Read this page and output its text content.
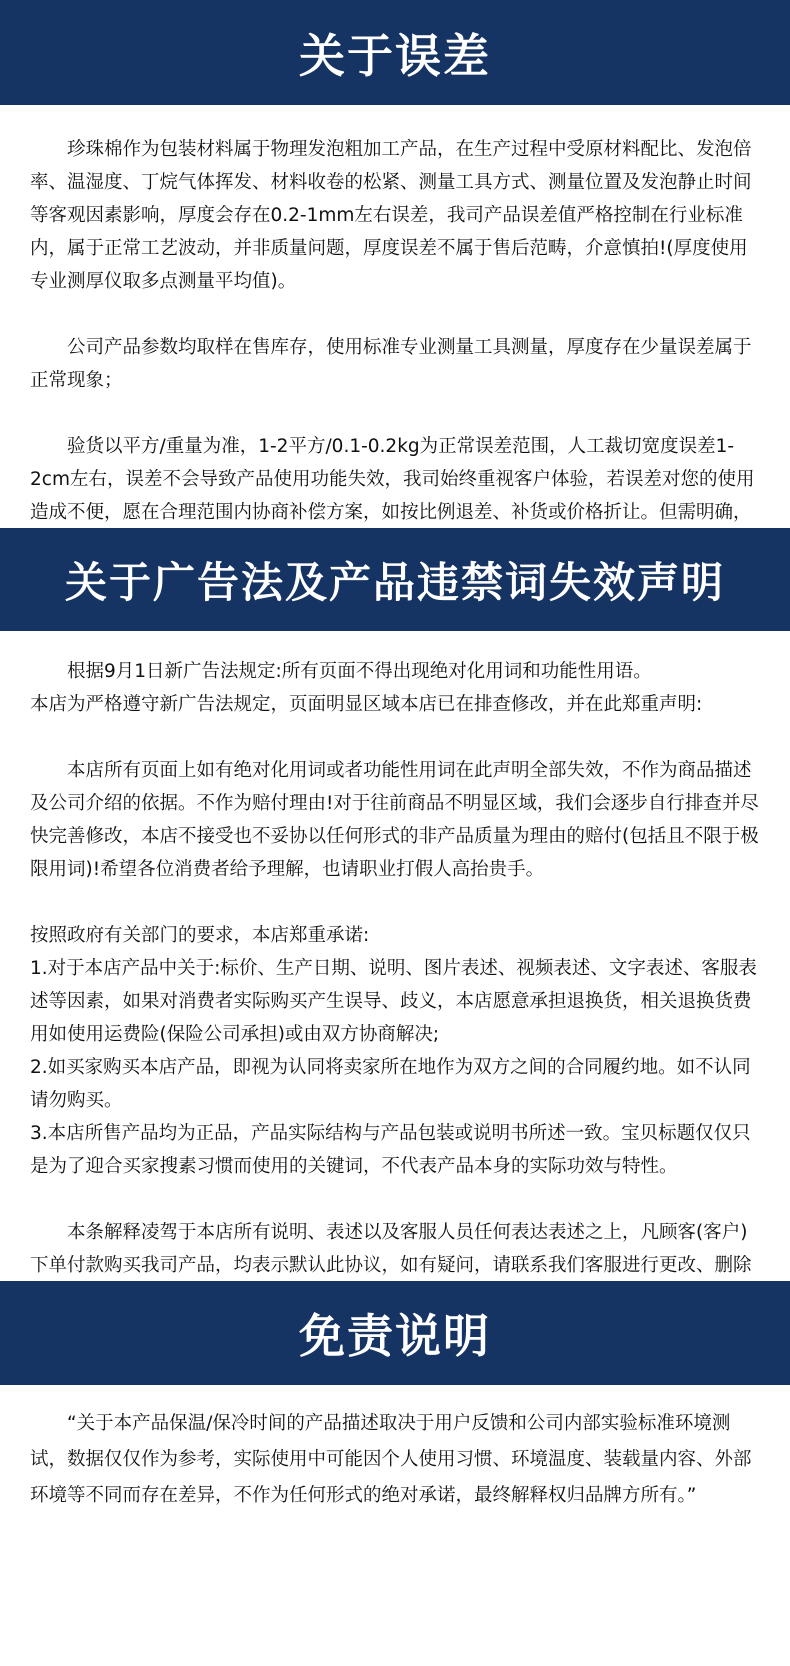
关于误差

珍珠棉作为包装材料属于物理发泡粗加工产品，在生产过程中受原材料配比、发泡倍率、温湿度、丁烷气体挥发、材料收卷的松紧、测量工具方式、测量位置及发泡静止时间等客观因素影响，厚度会存在0.2-1mm左右误差，我司产品误差值严格控制在行业标准内，属于正常工艺波动，并非质量问题，厚度误差不属于售后范畴，介意慎拍!(厚度使用专业测厚仪取多点测量平均值)。

公司产品参数均取样在售库存，使用标准专业测量工具测量，厚度存在少量误差属于正常现象；

验货以平方/重量为准，1-2平方/0.1-0.2kg为正常误差范围，人工裁切宽度误差1-2cm左右，误差不会导致产品使用功能失效，我司始终重视客户体验，若误差对您的使用造成不便，愿在合理范围内协商补偿方案，如按比例退差、补货或价格折让。但需明确，

关于广告法及产品违禁词失效声明

根据9月1日新广告法规定:所有页面不得出现绝对化用词和功能性用语。

本店为严格遵守新广告法规定，页面明显区域本店已在排查修改，并在此郑重声明:

本店所有页面上如有绝对化用词或者功能性用词在此声明全部失效，不作为商品描述及公司介绍的依据。不作为赔付理由!对于往前商品不明显区域，我们会逐步自行排查并尽快完善修改，本店不接受也不妥协以任何形式的非产品质量为理由的赔付(包括且不限于极限用词)!希望各位消费者给予理解，也请职业打假人高抬贵手。

按照政府有关部门的要求，本店郑重承诺:

1.对于本店产品中关于:标价、生产日期、说明、图片表述、视频表述、文字表述、客服表述等因素，如果对消费者实际购买产生误导、歧义，本店愿意承担退换货，相关退换货费用如使用运费险(保险公司承担)或由双方协商解决;

2.如买家购买本店产品，即视为认同将卖家所在地作为双方之间的合同履约地。如不认同请勿购买。

3.本店所售产品均为正品，产品实际结构与产品包装或说明书所述一致。宝贝标题仅仅只是为了迎合买家搜素习惯而使用的关键词，不代表产品本身的实际功效与特性。

本条解释凌驾于本店所有说明、表述以及客服人员任何表达表述之上，凡顾客(客户)下单付款购买我司产品，均表示默认此协议，如有疑问，请联系我们客服进行更改、删除

免责说明

“关于本产品保温/保冷时间的产品描述取决于用户反馈和公司内部实验标准环境测试，数据仅仅作为参考，实际使用中可能因个人使用习惯、环境温度、装载量内容、外部环境等不同而存在差异，不作为任何形式的绝对承诺，最终解释权归品牌方所有。”
